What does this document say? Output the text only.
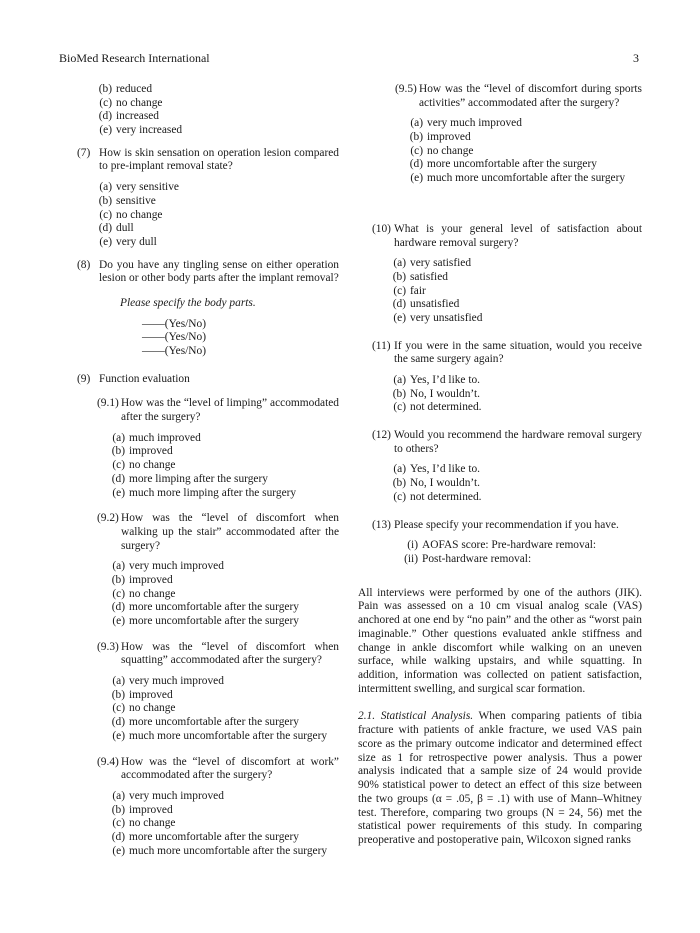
BioMed Research International	3
(b) reduced
(c) no change
(d) increased
(e) very increased
(7) How is skin sensation on operation lesion compared to pre-implant removal state?
(a) very sensitive
(b) sensitive
(c) no change
(d) dull
(e) very dull
(8) Do you have any tingling sense on either operation lesion or other body parts after the implant removal?
Please specify the body parts.
——(Yes/No)
——(Yes/No)
——(Yes/No)
(9) Function evaluation
(9.1) How was the “level of limping” accommodated after the surgery?
(a) much improved
(b) improved
(c) no change
(d) more limping after the surgery
(e) much more limping after the surgery
(9.2) How was the “level of discomfort when walking up the stair” accommodated after the surgery?
(a) very much improved
(b) improved
(c) no change
(d) more uncomfortable after the surgery
(e) more uncomfortable after the surgery
(9.3) How was the “level of discomfort when squatting” accommodated after the surgery?
(a) very much improved
(b) improved
(c) no change
(d) more uncomfortable after the surgery
(e) much more uncomfortable after the surgery
(9.4) How was the “level of discomfort at work” accommodated after the surgery?
(a) very much improved
(b) improved
(c) no change
(d) more uncomfortable after the surgery
(e) much more uncomfortable after the surgery
(9.5) How was the “level of discomfort during sports activities” accommodated after the surgery?
(a) very much improved
(b) improved
(c) no change
(d) more uncomfortable after the surgery
(e) much more uncomfortable after the surgery
(10) What is your general level of satisfaction about hardware removal surgery?
(a) very satisfied
(b) satisfied
(c) fair
(d) unsatisfied
(e) very unsatisfied
(11) If you were in the same situation, would you receive the same surgery again?
(a) Yes, I’d like to.
(b) No, I wouldn’t.
(c) not determined.
(12) Would you recommend the hardware removal surgery to others?
(a) Yes, I’d like to.
(b) No, I wouldn’t.
(c) not determined.
(13) Please specify your recommendation if you have.
(i) AOFAS score: Pre-hardware removal:
(ii) Post-hardware removal:

All interviews were performed by one of the authors (JIK). Pain was assessed on a 10 cm visual analog scale (VAS) anchored at one end by “no pain” and the other as “worst pain imaginable.” Other questions evaluated ankle stiffness and change in ankle discomfort while walking on an uneven surface, while walking upstairs, and while squatting. In addition, information was collected on patient satisfaction, intermittent swelling, and surgical scar formation.

2.1. Statistical Analysis. When comparing patients of tibia fracture with patients of ankle fracture, we used VAS pain score as the primary outcome indicator and determined effect size as 1 for retrospective power analysis. Thus a power analysis indicated that a sample size of 24 would provide 90% statistical power to detect an effect of this size between the two groups (α = .05, β = .1) with use of Mann–Whitney test. Therefore, comparing two groups (N = 24, 56) met the statistical power requirements of this study. In comparing preoperative and postoperative pain, Wilcoxon signed ranks
